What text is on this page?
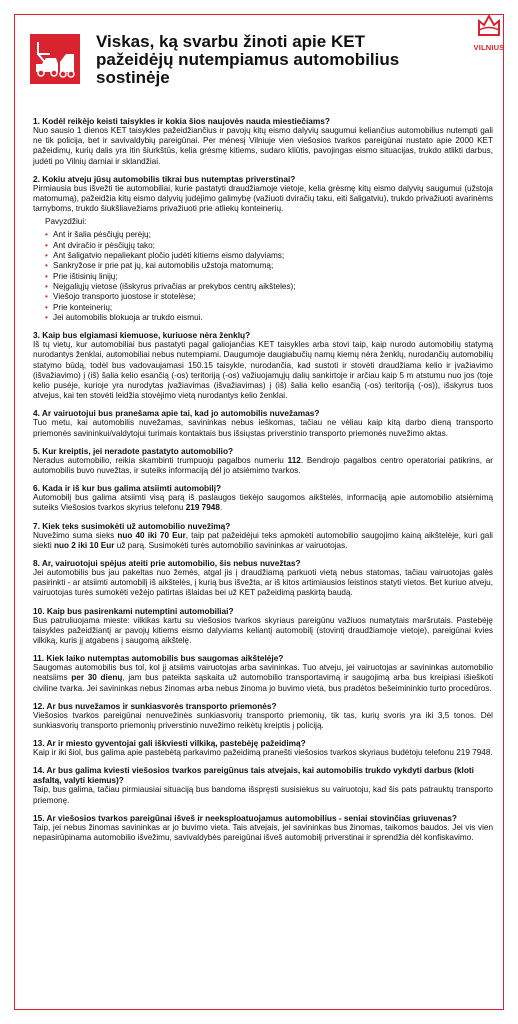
Viskas, ką svarbu žinoti apie KET pažeidėjų nutempiamus automobilius sostinėje
VILNIUS

1. Kodėl reikėjo keisti taisykles ir kokia šios naujovės nauda miestiečiams?

Nuo sausio 1 dienos KET taisykles pažeidžiančius ir pavojų kitų eismo dalyvių saugumui keliančius automobilius nutempti gali ne tik policija, bet ir savivaldybių pareigūnai. Per mėnesį Vilniuje vien viešosios tvarkos pareigūnai nustato apie 2000 KET pažeidimų, kurių dalis yra itin šiurkštūs, kelia grėsmę kitiems, sudaro kliūtis, pavojingas eismo situacijas, trukdo atlikti darbus, judėti po Vilnių darniai ir sklandžiai.

2. Kokiu atveju jūsų automobilis tikrai bus nutemptas priverstinai?

Pirmiausia bus išvežti tie automobiliai, kurie pastatyti draudžiamoje vietoje, kelia grėsmę kitų eismo dalyvių saugumui (užstoja matomumą), pažeidžia kitų eismo dalyvių judėjimo galimybę (važiuoti dviračių taku, eiti šaligatviu), trukdo privažiuoti avarinėms tarnyboms, trukdo šiukšliavežiams privažiuoti prie atliekų konteinerių.

Pavyzdžiui:

• Ant ir šalia pėsčiųjų perėjų;
• Ant dviračio ir pėsčiųjų tako;
• Ant šaligatvio nepaliekant pločio judėti kitiems eismo dalyviams;
• Sankryžose ir prie pat jų, kai automobilis užstoja matomumą;
• Prie ištisinių linijų;
• Neįgaliųjų vietose (išskyrus privačias ar prekybos centrų aikšteles);
• Viešojo transporto juostose ir stotelėse;
• Prie konteinerių;
• Jei automobilis blokuoja ar trukdo eismui.

3. Kaip bus elgiamasi kiemuose, kuriuose nėra ženklų?

Iš tų vietų, kur automobiliai bus pastatyti pagal galiojančias KET taisykles arba stovi taip, kaip nurodo automobilių statymą nurodantys ženklai, automobiliai nebus nutempiami. Daugumoje daugiabučių namų kiemų nėra ženklų, nurodančių automobilių statymo būdą, todėl bus vadovaujamasi 150.15 taisykle, nurodančia, kad sustoti ir stovėti draudžiama kelio ir įvažiavimo (išvažiavimo) į (iš) šalia kelio esančią (-os) teritoriją (-os) važiuojamųjų dalių sankirtoje ir arčiau kaip 5 m atstumu nuo jos (toje kelio pusėje, kurioje yra nurodytas įvažiavimas (išvažiavimas) į (iš) šalia kelio esančią (-os) teritoriją (-os)), išskyrus tuos atvejus, kai ten stovėti leidžia stovėjimo vietą nurodantys kelio ženklai.

4. Ar vairuotojui bus pranešama apie tai, kad jo automobilis nuvežamas?

Tuo metu, kai automobilis nuvežamas, savininkas nebus ieškomas, tačiau ne vėliau kaip kitą darbo dieną transporto priemonės savininkui/valdytojui turimais kontaktais bus išsiųstas priverstinio transporto priemonės nuvežimo aktas.

5. Kur kreiptis, jei neradote pastatyto automobilio?

Neradus automobilio, reikia skambinti trumpuoju pagalbos numeriu 112. Bendrojo pagalbos centro operatoriai patikrins, ar automobilis buvo nuvežtas, ir suteiks informaciją dėl jo atsiėmimo tvarkos.

6. Kada ir iš kur bus galima atsiimti automobilį?

Automobilį bus galima atsiimti visą parą iš paslaugos tiekėjo saugomos aikštelės, informaciją apie automobilio atsiėmimą suteiks Viešosios tvarkos skyrius telefonu 219 7948.

7. Kiek teks susimokėti už automobilio nuvežimą?

Nuvežimo suma sieks nuo 40 iki 70 Eur, taip pat pažeidėjui teks apmokėti automobilio saugojimo kainą aikštelėje, kuri gali siekti nuo 2 iki 10 Eur už parą. Susimokėti turės automobilio savininkas ar vairuotojas.

8. Ar, vairuotojui spėjus ateiti prie automobilio, šis nebus nuvežtas?

Jei automobilis bus jau pakeltas nuo žemės, atgal jis į draudžiamą parkuoti vietą nebus statomas, tačiau vairuotojas galės pasirinkti - ar atsiimti automobilį iš aikštelės, į kurią bus išvežta, ar iš kitos artimiausios leistinos statyti vietos. Bet kuriuo atveju, vairuotojas turės sumokėti vežėjo patirtas išlaidas bei už KET pažeidimą paskirtą baudą.

10. Kaip bus pasirenkami nutemptini automobiliai?

Bus patruliuojama mieste: vilkikas kartu su viešosios tvarkos skyriaus pareigūnu važiuos numatytais maršrutais. Pastebėję taisykles pažeidžiantį ar pavojų kitiems eismo dalyviams keliantį automobilį (stovintį draudžiamoje vietoje), pareigūnai kvies vilkiką, kuris jį atgabens į saugomą aikštelę.

11. Kiek laiko nutemptas automobilis bus saugomas aikštelėje?

Saugomas automobilis bus tol, kol jį atsiims vairuotojas arba savininkas. Tuo atveju, jei vairuotojas ar savininkas automobilio neatsiims per 30 dienų, jam bus pateikta sąskaita už automobilio transportavimą ir saugojimą arba bus kreipiasi išieškoti civiline tvarka. Jei savininkas nebus žinomas arba nebus žinoma jo buvimo vieta, bus pradėtos bešeimininkio turto procedūros.

12. Ar bus nuvežamos ir sunkiasvorės transporto priemonės?

Viešosios tvarkos pareigūnai nenuvežinės sunkiasvorių transporto priemonių, tik tas, kurių svoris yra iki 3,5 tonos. Dėl sunkiasvorių transporto priemonių priverstinio nuvežimo reikėtų kreiptis į policiją.

13. Ar ir miesto gyventojai gali iškviesti vilkiką, pastebėję pažeidimą?

Kaip ir iki šiol, bus galima apie pastebėtą parkavimo pažeidimą pranešti viešosios tvarkos skyriaus budėtoju telefonu 219 7948.

14. Ar bus galima kviesti viešosios tvarkos pareigūnus tais atvejais, kai automobilis trukdo vykdyti darbus (kloti asfaltą, valyti kiemus)?

Taip, bus galima, tačiau pirmiausiai situaciją bus bandoma išspręsti susisiekus su vairuotoju, kad šis pats patrauktų transporto priemonę.

15. Ar viešosios tvarkos pareigūnai išveš ir neeksploatuojamus automobilius - seniai stovinčias griuvenas?

Taip, jei nebus žinomas savininkas ar jo buvimo vieta. Tais atvejais, jei savininkas bus žinomas, taikomos baudos. Jei vis vien nepasirūpinama automobilio išvežimu, savivaldybės pareigūnai išveš automobilį priverstinai ir sprendžia dėl konfiskavimo.
